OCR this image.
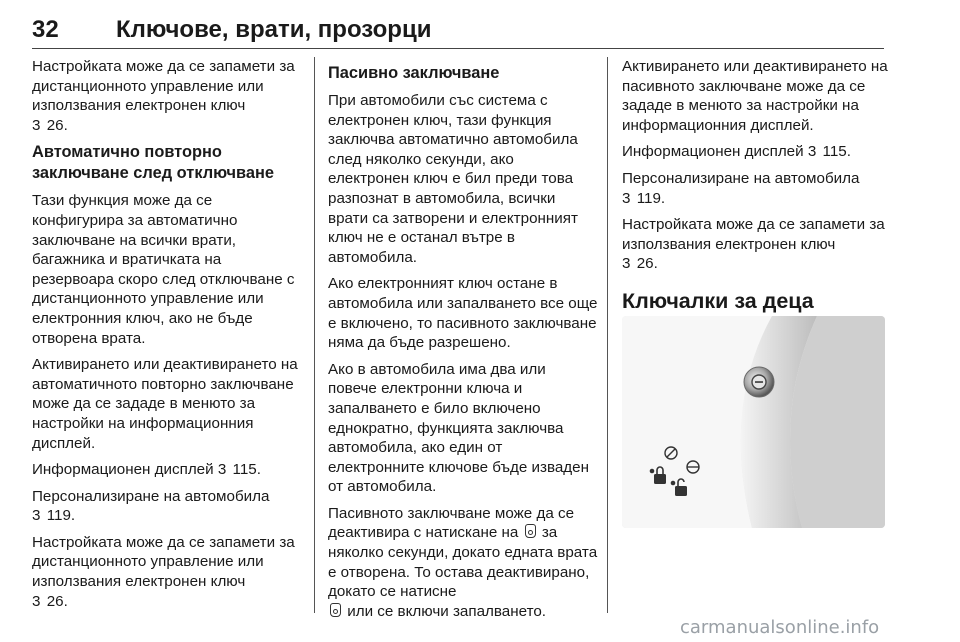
32 Ключове, врати, прозорци

Настройката може да се запамети за дистанционното управление или използвания електронен ключ
3 26.

Автоматично повторно заключване след отключване

Тази функция може да се конфигурира за автоматично заключване на всички врати, багажника и вратичката на резервоара скоро след отключване с дистанционното управление или електронния ключ, ако не бъде отворена врата.

Активирането или деактивирането на автоматичното повторно заключване може да се зададе в менюто за настройки на информационния дисплей.

Информационен дисплей 3 115.

Персонализиране на автомобила
3 119.

Настройката може да се запамети за дистанционното управление или използвания електронен ключ
3 26.

Пасивно заключване

При автомобили със система с електронен ключ, тази функция заключва автоматично автомобила след няколко секунди, ако електронен ключ е бил преди това разпознат в автомобила, всички врати са затворени и електронният ключ не е останал вътре в автомобила.

Ако електронният ключ остане в автомобила или запалването все още е включено, то пасивното заключване няма да бъде разрешено.

Ако в автомобила има два или повече електронни ключа и запалването е било включено еднократно, функцията заключва автомобила, ако един от електронните ключове бъде изваден от автомобила.

Пасивното заключване може да се деактивира с натискане на за няколко секунди, докато едната врата е отворена. То остава деактивирано, докато се натисне
или се включи запалването.

Активирането или деактивирането на пасивното заключване може да се зададе в менюто за настройки на информационния дисплей.

Информационен дисплей 3 115.

Персонализиране на автомобила
3 119.

Настройката може да се запамети за използвания електронен ключ
3 26.

Ключалки за деца
carmanualsonline.info
